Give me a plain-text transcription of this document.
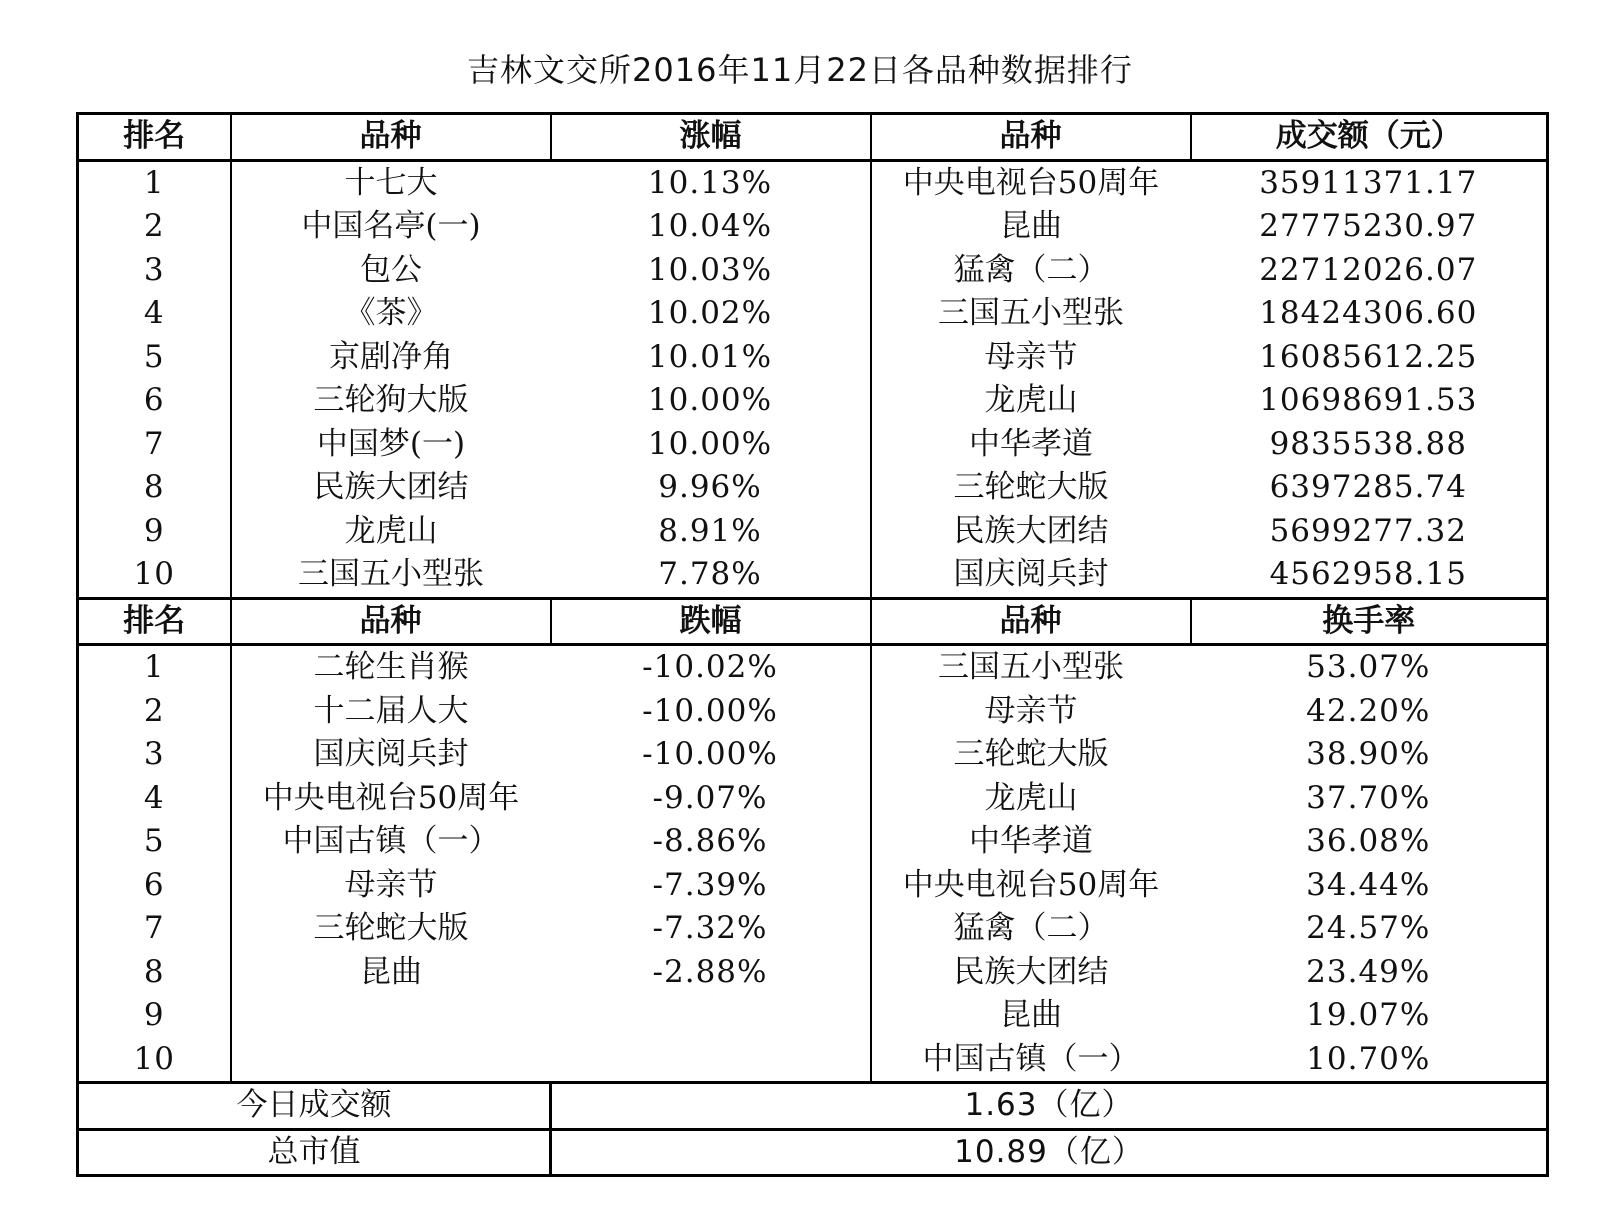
吉林文交所2016年11月22日各品种数据排行
排名	品种	涨幅	品种	成交额（元）
1	十七大	10.13%	中央电视台50周年	35911371.17
2	中国名亭(一)	10.04%	昆曲	27775230.97
3	包公	10.03%	猛禽（二）	22712026.07
4	《茶》	10.02%	三国五小型张	18424306.60
5	京剧净角	10.01%	母亲节	16085612.25
6	三轮狗大版	10.00%	龙虎山	10698691.53
7	中国梦(一)	10.00%	中华孝道	9835538.88
8	民族大团结	9.96%	三轮蛇大版	6397285.74
9	龙虎山	8.91%	民族大团结	5699277.32
10	三国五小型张	7.78%	国庆阅兵封	4562958.15
排名	品种	跌幅	品种	换手率
1	二轮生肖猴	-10.02%	三国五小型张	53.07%
2	十二届人大	-10.00%	母亲节	42.20%
3	国庆阅兵封	-10.00%	三轮蛇大版	38.90%
4	中央电视台50周年	-9.07%	龙虎山	37.70%
5	中国古镇（一）	-8.86%	中华孝道	36.08%
6	母亲节	-7.39%	中央电视台50周年	34.44%
7	三轮蛇大版	-7.32%	猛禽（二）	24.57%
8	昆曲	-2.88%	民族大团结	23.49%
9			昆曲	19.07%
10			中国古镇（一）	10.70%
今日成交额		1.63（亿）		
总市值		10.89（亿）		
